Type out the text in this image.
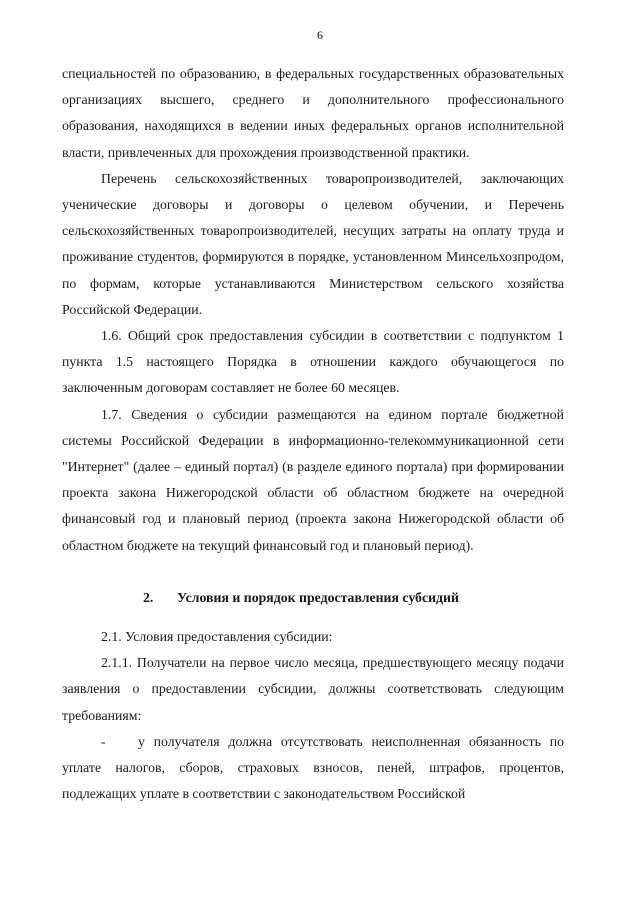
6

специальностей по образованию, в федеральных государственных образовательных организациях высшего, среднего и дополнительного профессионального образования, находящихся в ведении иных федеральных органов исполнительной власти, привлеченных для прохождения производственной практики.

Перечень сельскохозяйственных товаропроизводителей, заключающих ученические договоры и договоры о целевом обучении, и Перечень сельскохозяйственных товаропроизводителей, несущих затраты на оплату труда и проживание студентов, формируются в порядке, установленном Минсельхозпродом, по формам, которые устанавливаются Министерством сельского хозяйства Российской Федерации.

1.6. Общий срок предоставления субсидии в соответствии с подпунктом 1 пункта 1.5 настоящего Порядка в отношении каждого обучающегося по заключенным договорам составляет не более 60 месяцев.

1.7. Сведения о субсидии размещаются на едином портале бюджетной системы Российской Федерации в информационно-телекоммуникационной сети "Интернет" (далее – единый портал) (в разделе единого портала) при формировании проекта закона Нижегородской области об областном бюджете на очередной финансовый год и плановый период (проекта закона Нижегородской области об областном бюджете на текущий финансовый год и плановый период).

2. Условия и порядок предоставления субсидий

2.1. Условия предоставления субсидии:

2.1.1. Получатели на первое число месяца, предшествующего месяцу подачи заявления о предоставлении субсидии, должны соответствовать следующим требованиям:

- у получателя должна отсутствовать неисполненная обязанность по уплате налогов, сборов, страховых взносов, пеней, штрафов, процентов, подлежащих уплате в соответствии с законодательством Российской
